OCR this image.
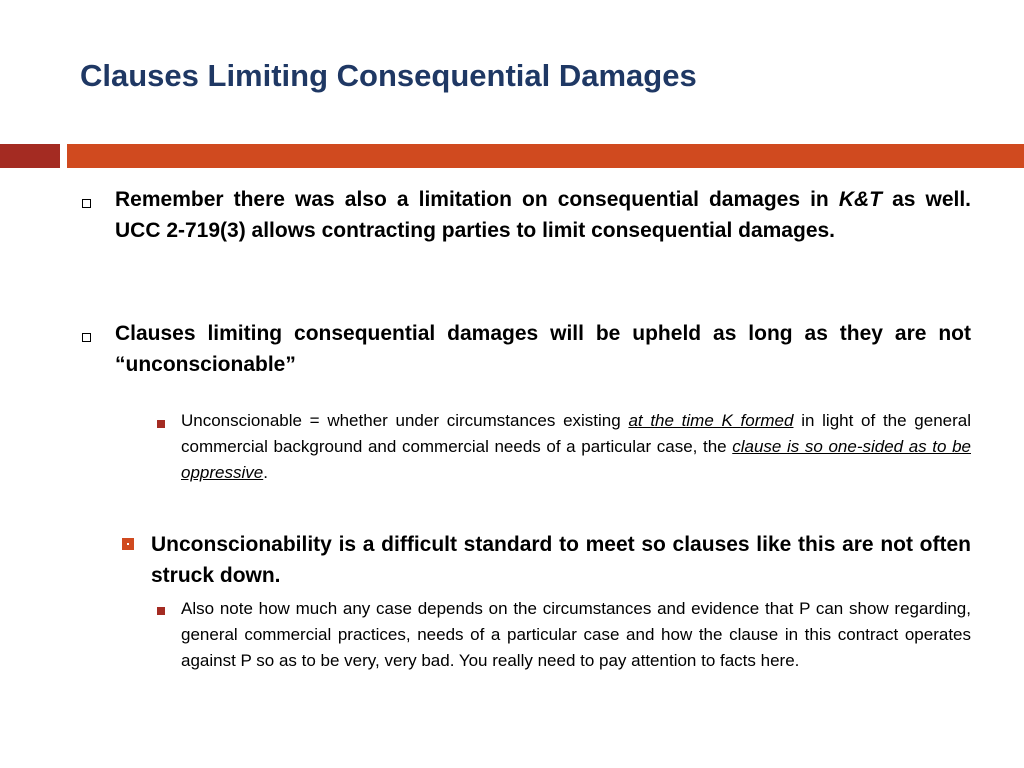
Clauses Limiting Consequential Damages
Remember there was also a limitation on consequential damages in K&T as well. UCC 2-719(3) allows contracting parties to limit consequential damages.
Clauses limiting consequential damages will be upheld as long as they are not “unconscionable”
Unconscionable = whether under circumstances existing at the time K formed in light of the general commercial background and commercial needs of a particular case, the clause is so one-sided as to be oppressive.
Unconscionability is a difficult standard to meet so clauses like this are not often struck down.
Also note how much any case depends on the circumstances and evidence that P can show regarding, general commercial practices, needs of a particular case and how the clause in this contract operates against P so as to be very, very bad. You really need to pay attention to facts here.
